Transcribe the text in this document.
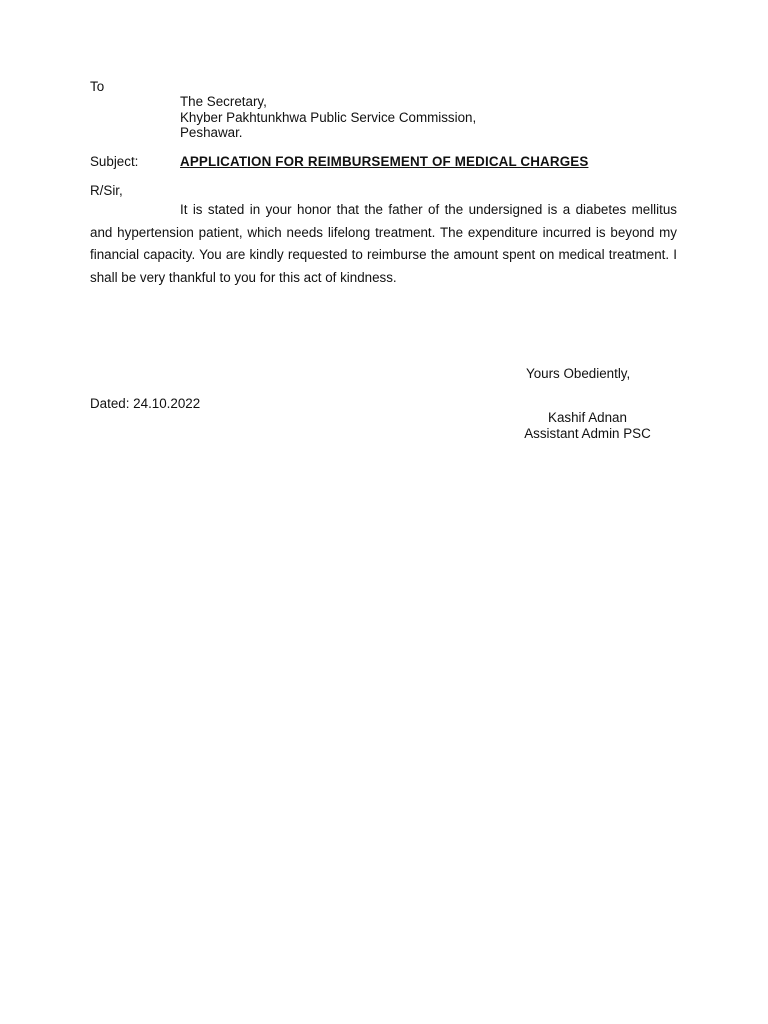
To
The Secretary,
Khyber Pakhtunkhwa Public Service Commission,
Peshawar.
Subject:	APPLICATION FOR REIMBURSEMENT OF MEDICAL CHARGES
R/Sir,
It is stated in your honor that the father of the undersigned is a diabetes mellitus and hypertension patient, which needs lifelong treatment. The expenditure incurred is beyond my financial capacity. You are kindly requested to reimburse the amount spent on medical treatment. I shall be very thankful to you for this act of kindness.
Yours Obediently,
Dated: 24.10.2022
Kashif Adnan
Assistant Admin PSC
